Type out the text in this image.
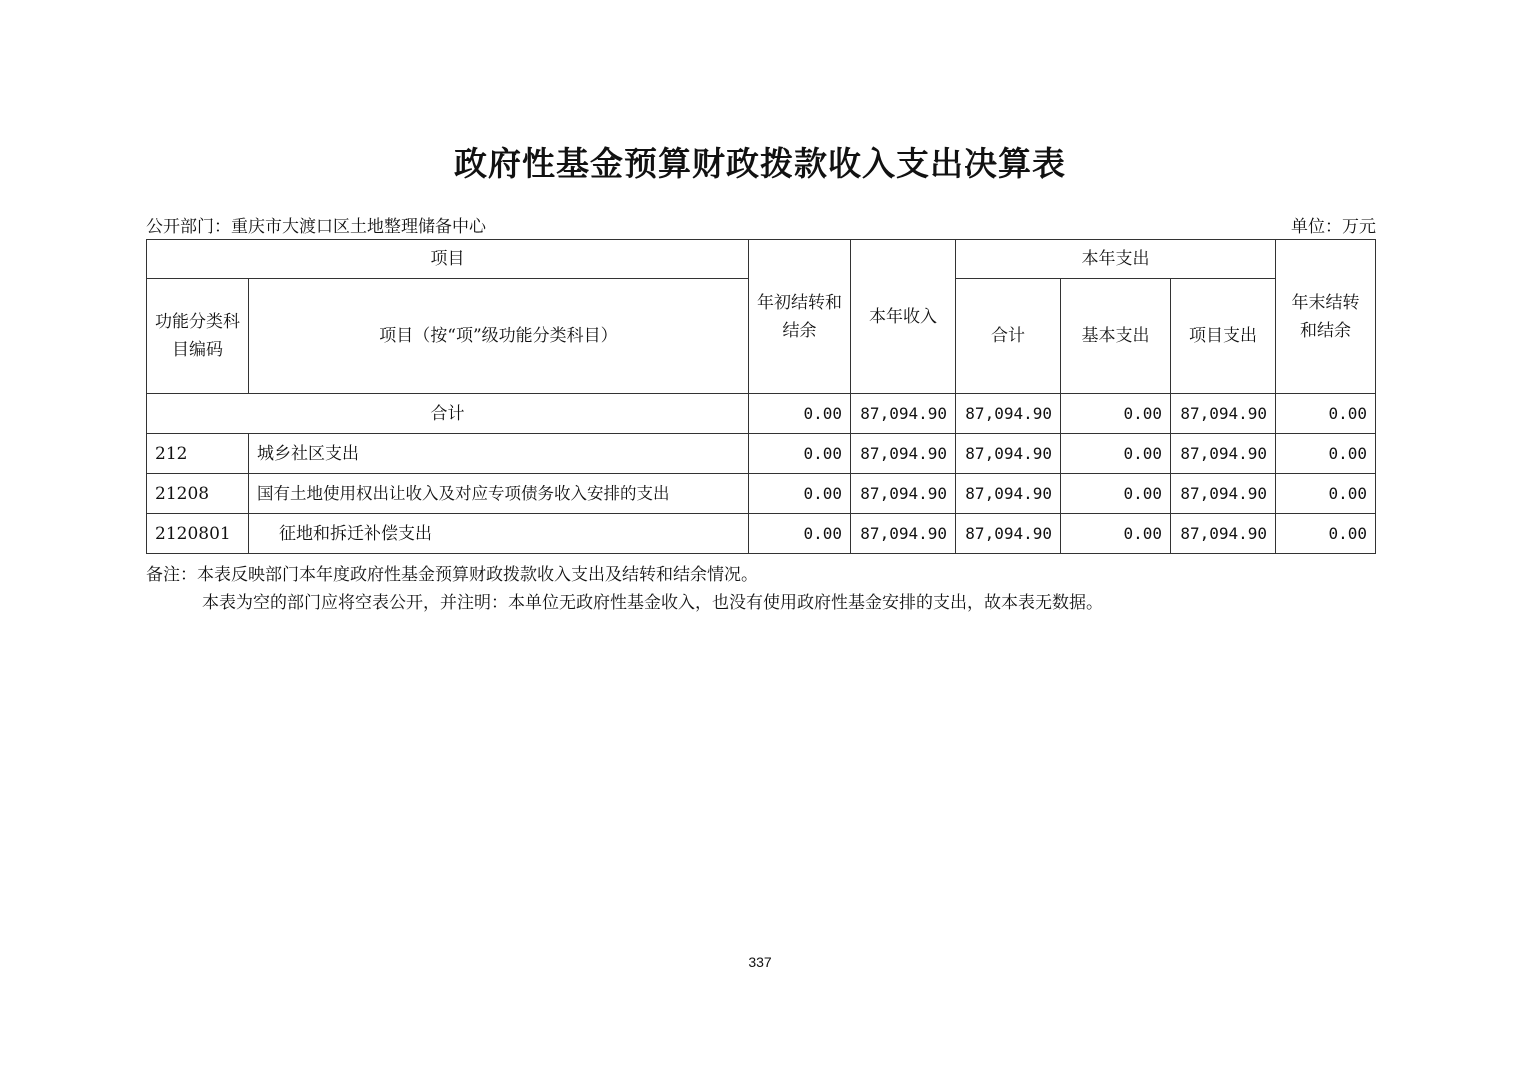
政府性基金预算财政拨款收入支出决算表
公开部门：重庆市大渡口区土地整理储备中心	单位：万元
项目		年初结转和结余	本年收入	本年支出			年末结转和结余
功能分类科目编码	项目（按“项”级功能分类科目）			合计	基本支出	项目支出	
合计		0.00	87,094.90	87,094.90	0.00	87,094.90	0.00
212	城乡社区支出	0.00	87,094.90	87,094.90	0.00	87,094.90	0.00
21208	国有土地使用权出让收入及对应专项债务收入安排的支出	0.00	87,094.90	87,094.90	0.00	87,094.90	0.00
2120801	征地和拆迁补偿支出	0.00	87,094.90	87,094.90	0.00	87,094.90	0.00
备注：本表反映部门本年度政府性基金预算财政拨款收入支出及结转和结余情况。
本表为空的部门应将空表公开，并注明：本单位无政府性基金收入，也没有使用政府性基金安排的支出，故本表无数据。
337
